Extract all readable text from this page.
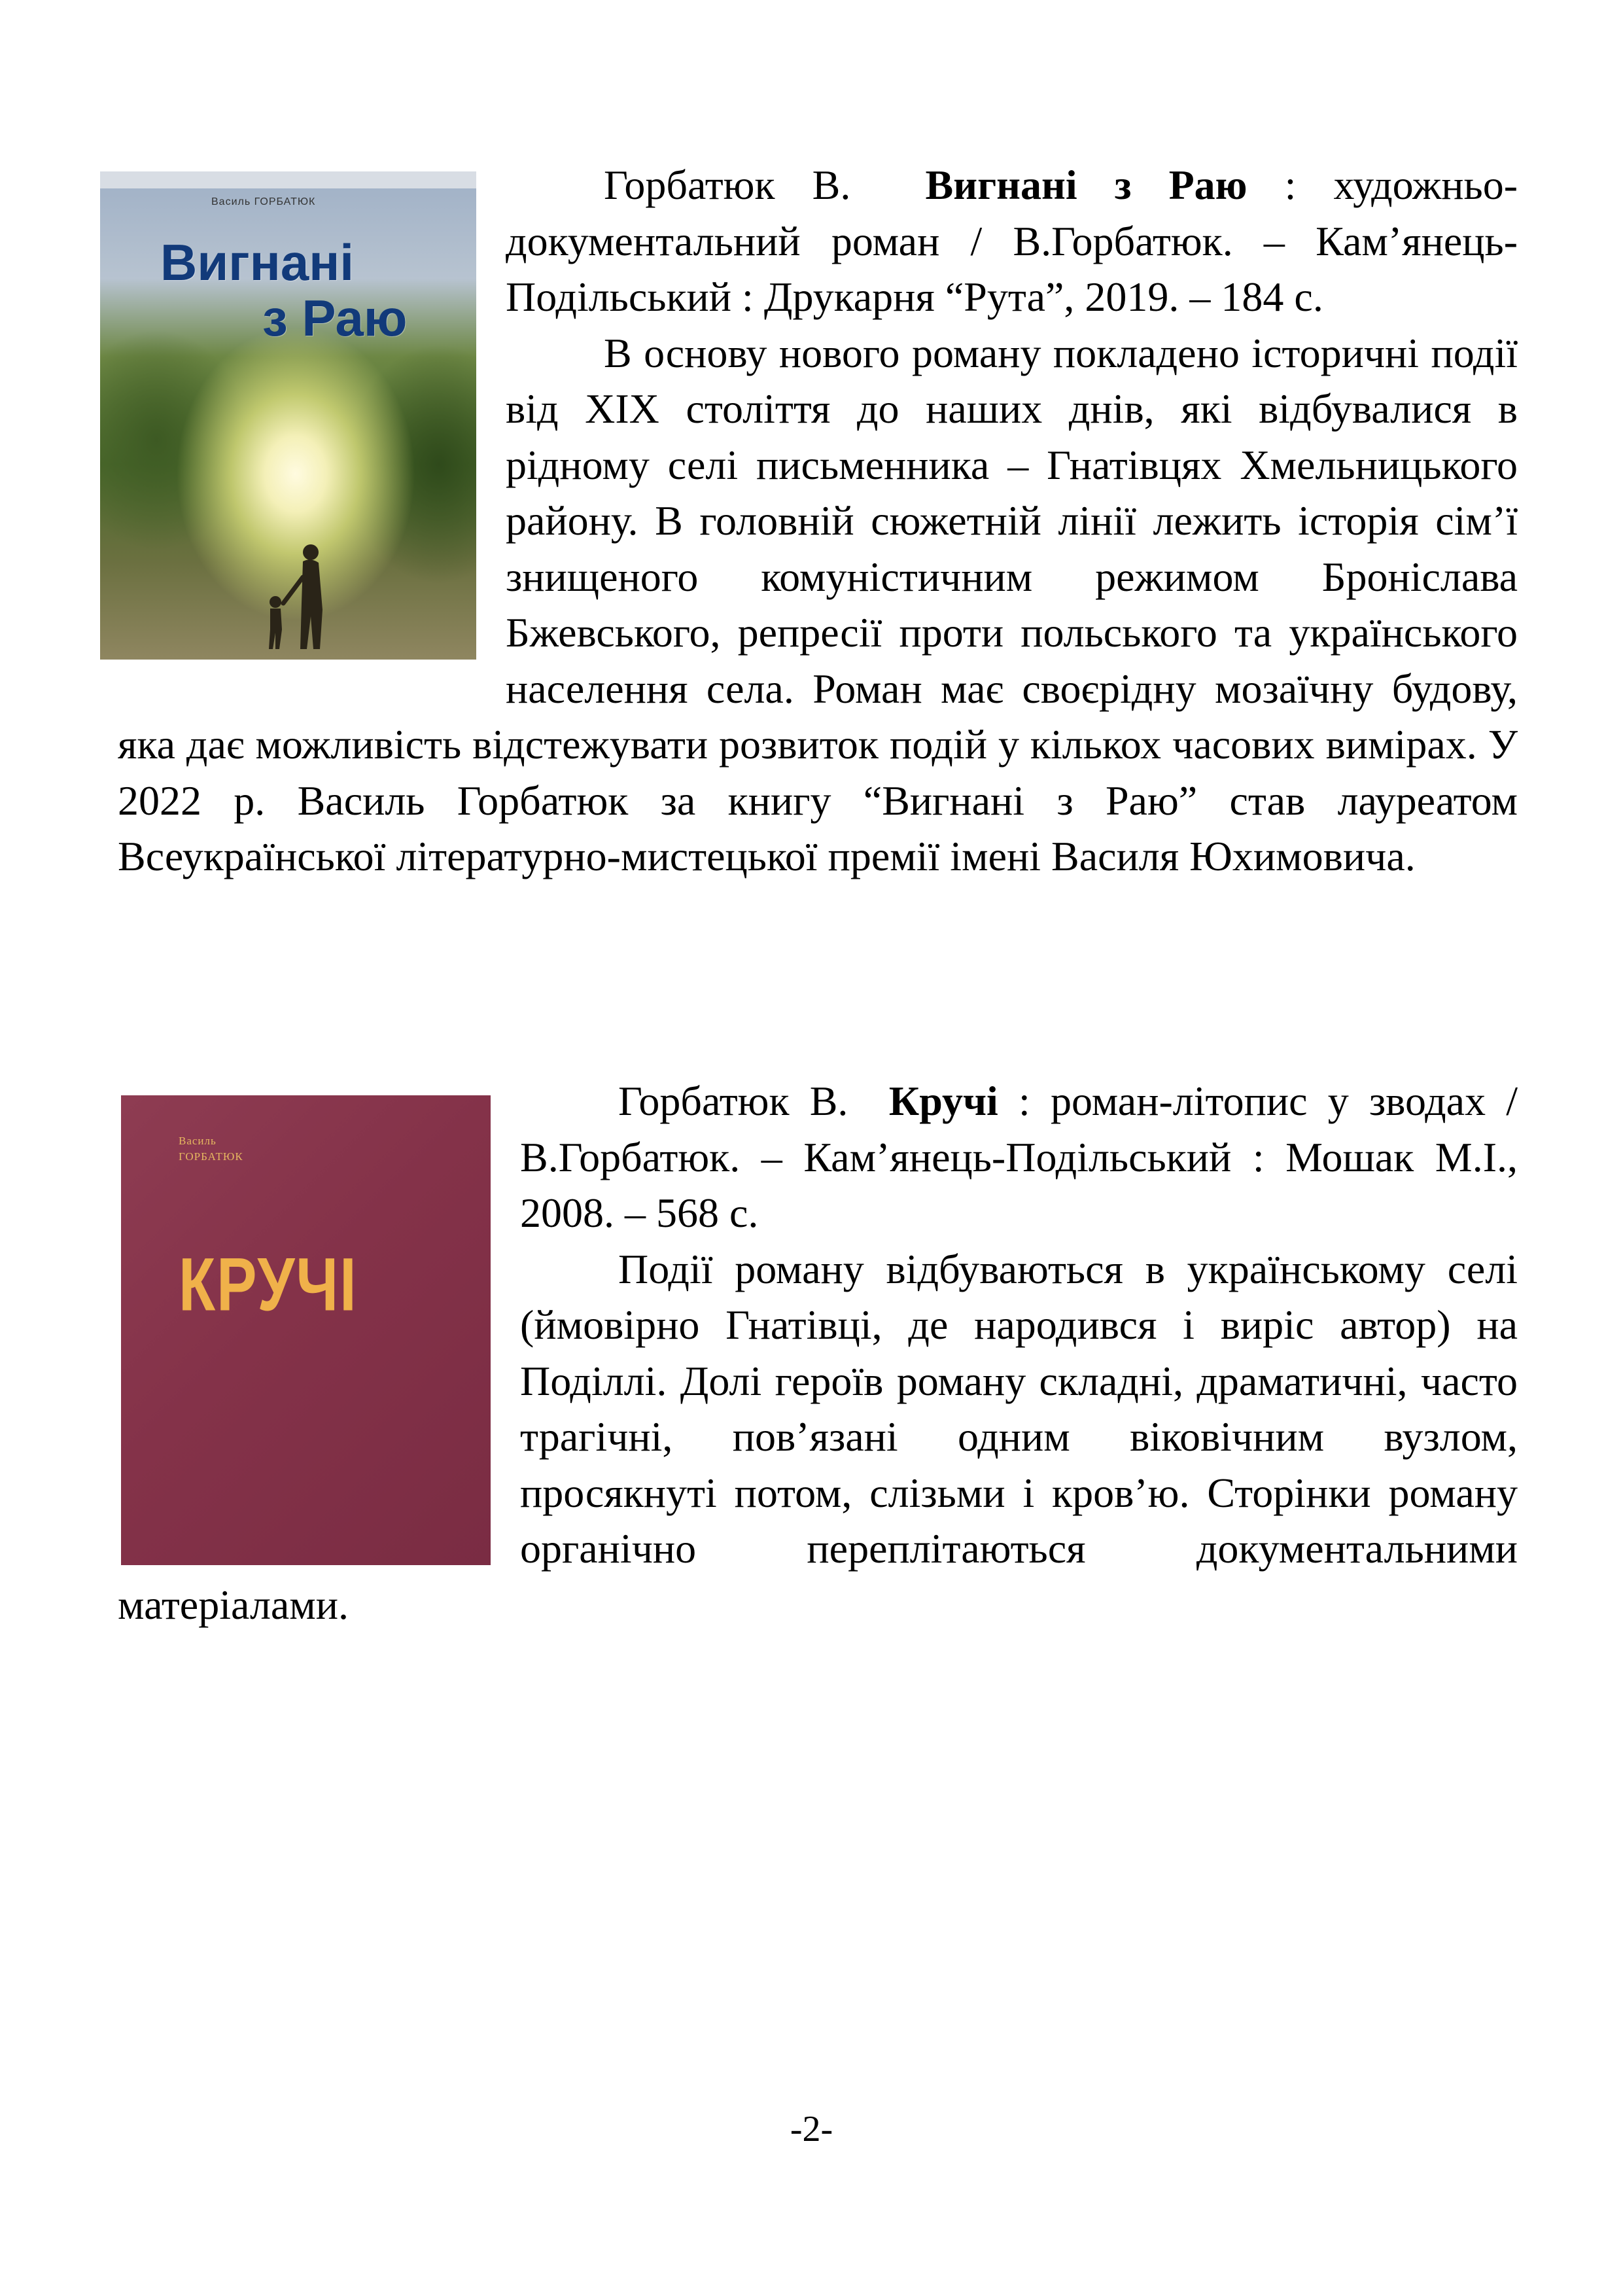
Василь ГОРБАТЮК
Вигнані
з Раю

Горбатюк В. Вигнані з Раю : художньо-документальний роман / В.Горбатюк. – Кам’янець-Подільський : Друкарня “Рута”, 2019. – 184 с.

В основу нового роману покладено історичні події від XIX століття до наших днів, які відбувалися в рідному селі письменника – Гнатівцях Хмельницького району. В головній сюжетній лінії лежить історія сім’ї знищеного комуністичним режимом Броніслава Бжевського, репресії проти польського та українського населення села. Роман має своєрідну мозаїчну будову, яка дає можливість відстежувати розвиток подій у кількох часових вимірах. У 2022 р. Василь Горбатюк за книгу “Вигнані з Раю” став лауреатом Всеукраїнської літературно-мистецької премії імені Василя Юхимовича.

Василь
ГОРБАТЮК
КРУЧІ

Горбатюк В. Кручі : роман-літопис у зводах / В.Горбатюк. – Кам’янець-Подільський : Мошак М.І., 2008. – 568 с.

Події роману відбуваються в українському селі (ймовірно Гнатівці, де народився і виріс автор) на Поділлі. Долі героїв роману складні, драматичні, часто трагічні, пов’язані одним віковічним вузлом, просякнуті потом, слізьми і кров’ю. Сторінки роману органічно переплітаються документальними матеріалами.

-2-
